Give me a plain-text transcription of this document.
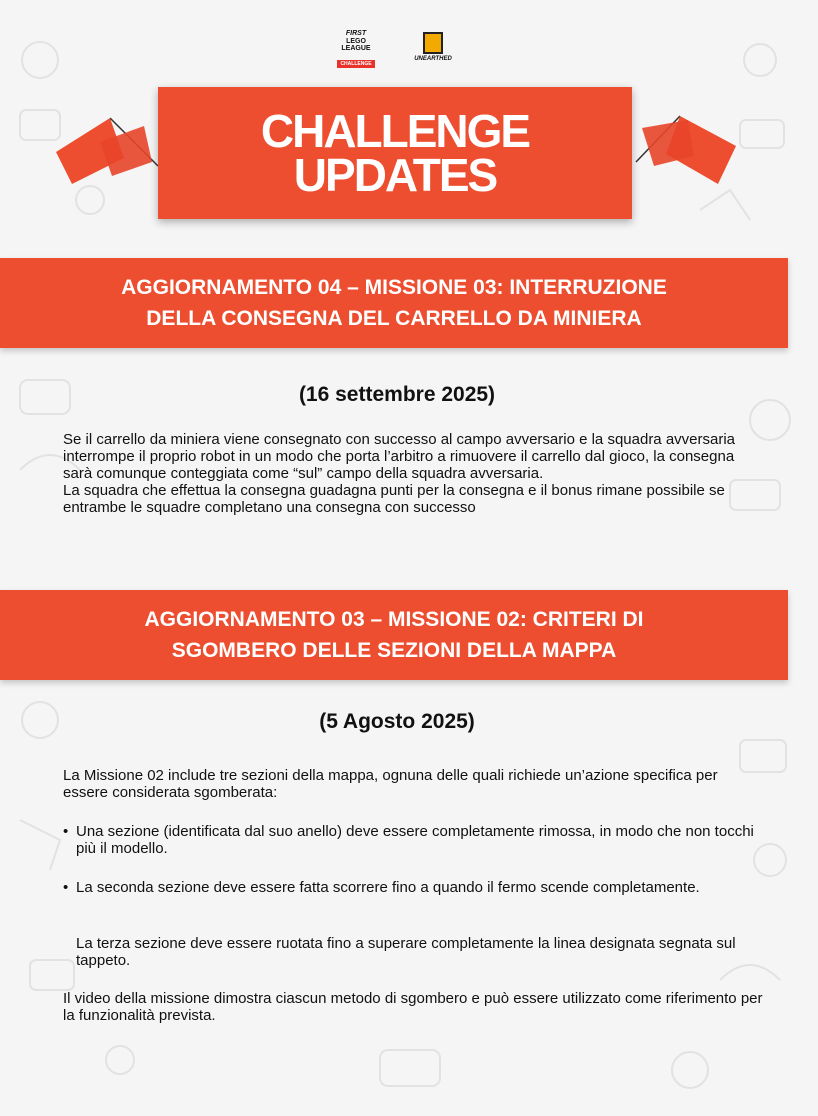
FIRST
LEGO
LEAGUE
CHALLENGE
UNEARTHED
CHALLENGE
UPDATES
AGGIORNAMENTO 04 – MISSIONE 03: INTERRUZIONE
DELLA CONSEGNA DEL CARRELLO DA MINIERA
(16 settembre 2025)

Se il carrello da miniera viene consegnato con successo al campo avversario e la squadra avversaria interrompe il proprio robot in un modo che porta l’arbitro a rimuovere il carrello dal gioco, la consegna sarà comunque conteggiata come “sul” campo della squadra avversaria.

La squadra che effettua la consegna guadagna punti per la consegna e il bonus rimane possibile se entrambe le squadre completano una consegna con successo

AGGIORNAMENTO 03 – MISSIONE 02: CRITERI DI
SGOMBERO DELLE SEZIONI DELLA MAPPA
(5 Agosto 2025)
La Missione 02 include tre sezioni della mappa, ognuna delle quali richiede un’azione specifica per essere considerata sgomberata:
• Una sezione (identificata dal suo anello) deve essere completamente rimossa, in modo che non tocchi più il modello.
• La seconda sezione deve essere fatta scorrere fino a quando il fermo scende completamente.
La terza sezione deve essere ruotata fino a superare completamente la linea designata segnata sul tappeto.
Il video della missione dimostra ciascun metodo di sgombero e può essere utilizzato come riferimento per la funzionalità prevista.
